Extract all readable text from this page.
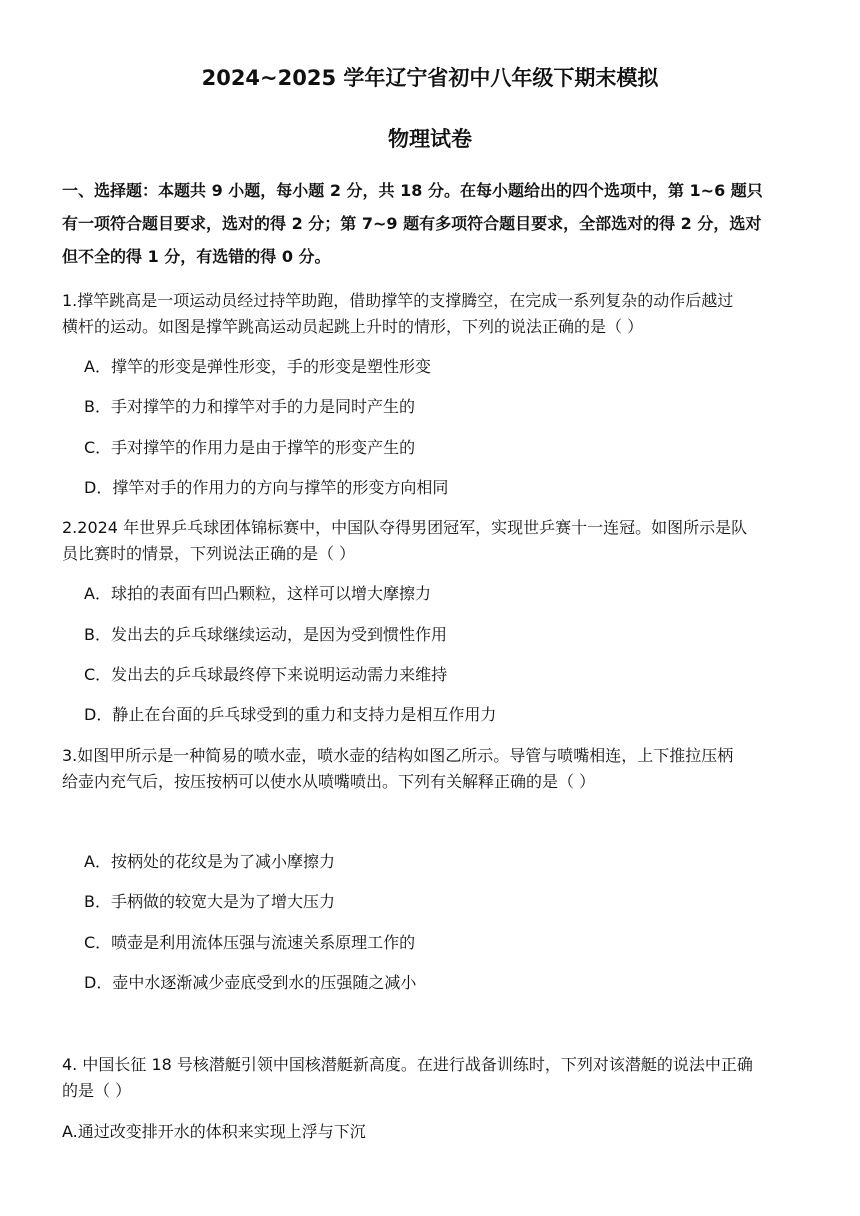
2024~2025 学年辽宁省初中八年级下期末模拟
物理试卷
一、选择题：本题共 9 小题，每小题 2 分，共 18 分。在每小题给出的四个选项中，第 1~6 题只
有一项符合题目要求，选对的得 2 分；第 7~9 题有多项符合题目要求，全部选对的得 2 分，选对
但不全的得 1 分，有选错的得 0 分。
1.撑竿跳高是一项运动员经过持竿助跑，借助撑竿的支撑腾空，在完成一系列复杂的动作后越过
横杆的运动。如图是撑竿跳高运动员起跳上升时的情形，下列的说法正确的是（ ）
A．撑竿的形变是弹性形变，手的形变是塑性形变
B．手对撑竿的力和撑竿对手的力是同时产生的
C．手对撑竿的作用力是由于撑竿的形变产生的
D．撑竿对手的作用力的方向与撑竿的形变方向相同
2.2024 年世界乒乓球团体锦标赛中，中国队夺得男团冠军，实现世乒赛十一连冠。如图所示是队
员比赛时的情景，下列说法正确的是（ ）
A．球拍的表面有凹凸颗粒，这样可以增大摩擦力
B．发出去的乒乓球继续运动，是因为受到惯性作用
C．发出去的乒乓球最终停下来说明运动需力来维持
D．静止在台面的乒乓球受到的重力和支持力是相互作用力
3.如图甲所示是一种简易的喷水壶，喷水壶的结构如图乙所示。导管与喷嘴相连，上下推拉压柄
给壶内充气后，按压按柄可以使水从喷嘴喷出。下列有关解释正确的是（ ）
A．按柄处的花纹是为了减小摩擦力
B．手柄做的较宽大是为了增大压力
C．喷壶是利用流体压强与流速关系原理工作的
D．壶中水逐渐减少壶底受到水的压强随之减小
4. 中国长征 18 号核潜艇引领中国核潜艇新高度。在进行战备训练时，下列对该潜艇的说法中正确
的是（ ）
A.通过改变排开水的体积来实现上浮与下沉
